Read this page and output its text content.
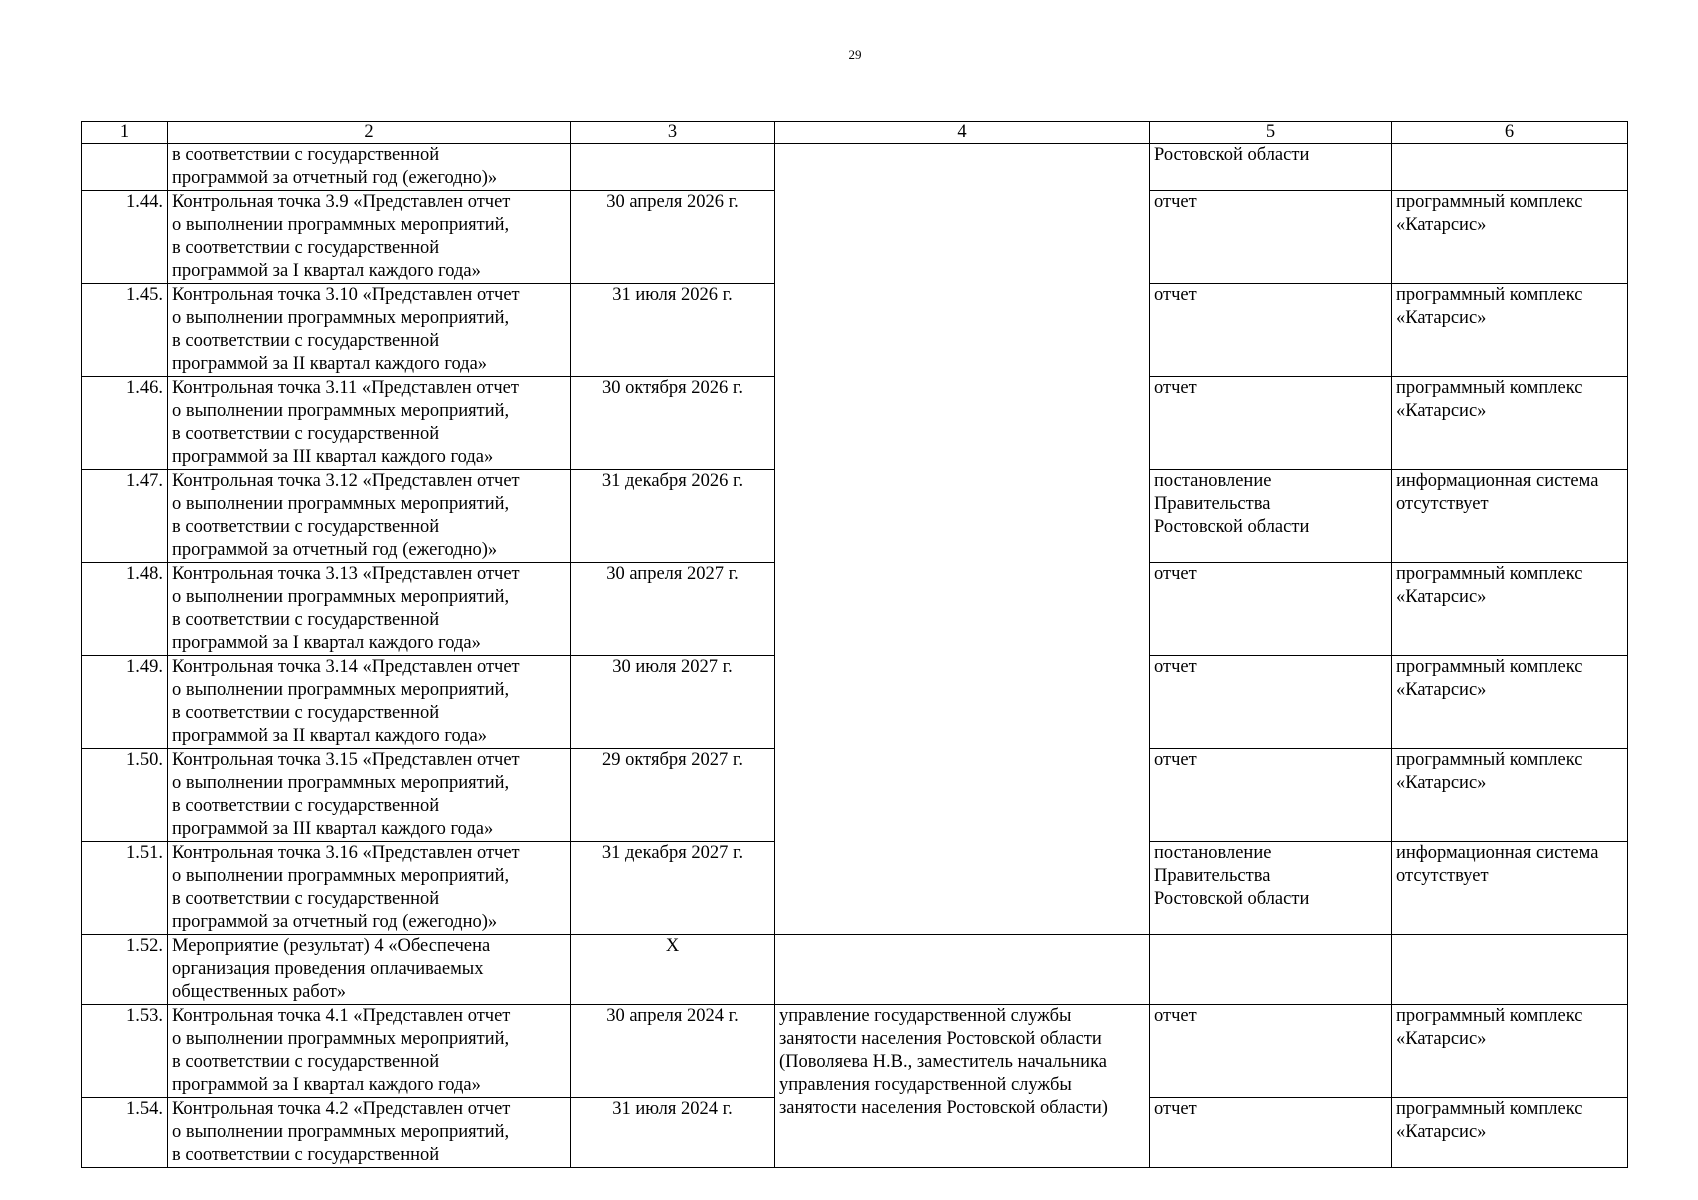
29
1	2	3	4	5	6

	в соответствии с государственной
программой за отчетный год (ежегодно)»			Ростовской области	

1.44.	Контрольная точка 3.9 «Представлен отчет
о выполнении программных мероприятий,
в соответствии с государственной
программой за I квартал каждого года»	30 апреля 2026 г.		отчет	программный комплекс
«Катарсис»

1.45.	Контрольная точка 3.10 «Представлен отчет
о выполнении программных мероприятий,
в соответствии с государственной
программой за II квартал каждого года»	31 июля 2026 г.		отчет	программный комплекс
«Катарсис»

1.46.	Контрольная точка 3.11 «Представлен отчет
о выполнении программных мероприятий,
в соответствии с государственной
программой за III квартал каждого года»	30 октября 2026 г.		отчет	программный комплекс
«Катарсис»

1.47.	Контрольная точка 3.12 «Представлен отчет
о выполнении программных мероприятий,
в соответствии с государственной
программой за отчетный год (ежегодно)»	31 декабря 2026 г.		постановление
Правительства
Ростовской области	информационная система
отсутствует

1.48.	Контрольная точка 3.13 «Представлен отчет
о выполнении программных мероприятий,
в соответствии с государственной
программой за I квартал каждого года»	30 апреля 2027 г.		отчет	программный комплекс
«Катарсис»

1.49.	Контрольная точка 3.14 «Представлен отчет
о выполнении программных мероприятий,
в соответствии с государственной
программой за II квартал каждого года»	30 июля 2027 г.		отчет	программный комплекс
«Катарсис»

1.50.	Контрольная точка 3.15 «Представлен отчет
о выполнении программных мероприятий,
в соответствии с государственной
программой за III квартал каждого года»	29 октября 2027 г.		отчет	программный комплекс
«Катарсис»

1.51.	Контрольная точка 3.16 «Представлен отчет
о выполнении программных мероприятий,
в соответствии с государственной
программой за отчетный год (ежегодно)»	31 декабря 2027 г.		постановление
Правительства
Ростовской области	информационная система
отсутствует

1.52.	Мероприятие (результат) 4 «Обеспечена
организация проведения оплачиваемых
общественных работ»	Х			
1.53.	Контрольная точка 4.1 «Представлен отчет
о выполнении программных мероприятий,
в соответствии с государственной
программой за I квартал каждого года»	30 апреля 2024 г.	управление государственной службы
занятости населения Ростовской области
(Поволяева Н.В., заместитель начальника
управления государственной службы
занятости населения Ростовской области)	отчет	программный комплекс
«Катарсис»

1.54.	Контрольная точка 4.2 «Представлен отчет
о выполнении программных мероприятий,
в соответствии с государственной	31 июля 2024 г.		отчет	программный комплекс
«Катарсис»
